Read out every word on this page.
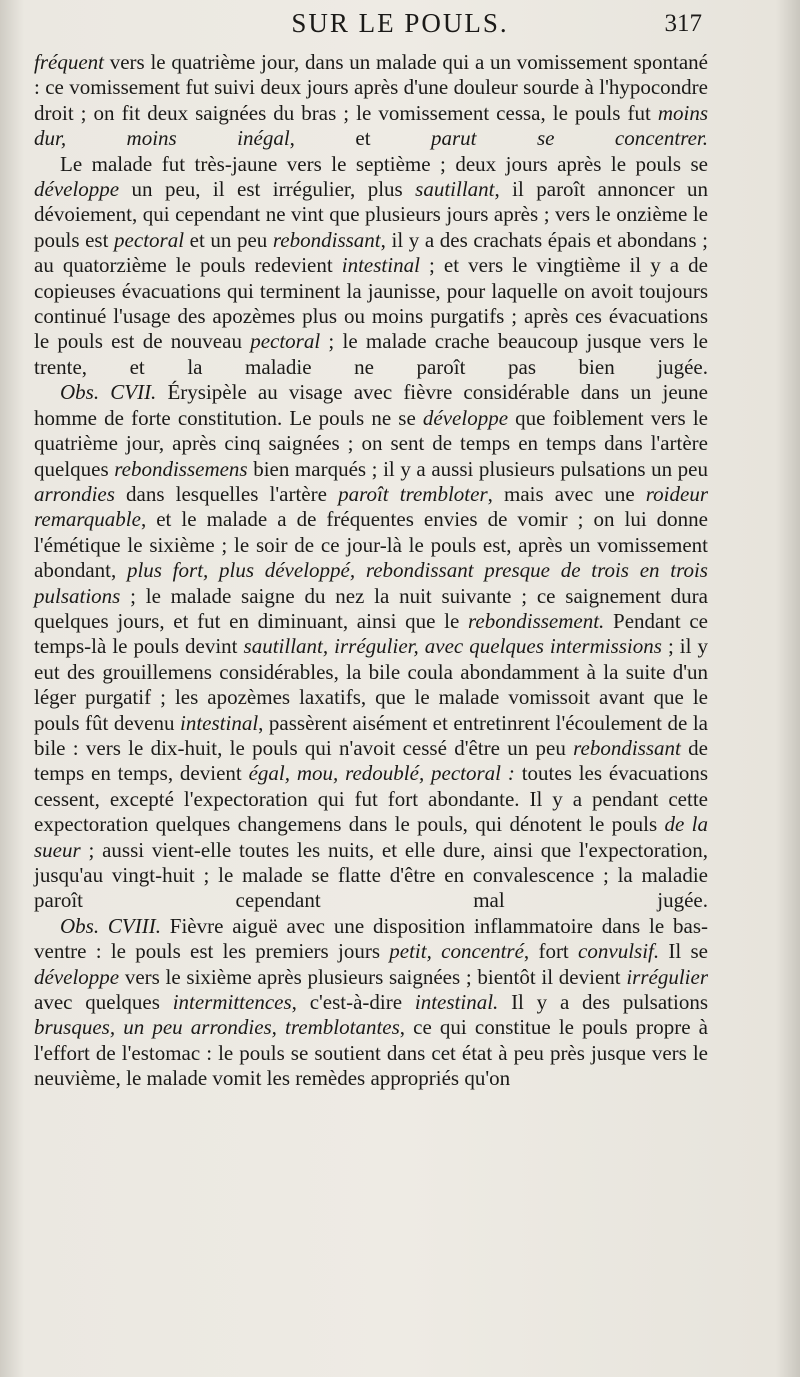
SUR LE POULS.	317

fréquent vers le quatrième jour, dans un malade qui a un vomissement spontané : ce vomissement fut suivi deux jours après d'une douleur sourde à l'hypocondre droit ; on fit deux saignées du bras ; le vomissement cessa, le pouls fut moins dur, moins inégal, et parut se concentrer.

Le malade fut très-jaune vers le septième ; deux jours après le pouls se développe un peu, il est irrégulier, plus sautillant, il paroît annoncer un dévoiement, qui cependant ne vint que plusieurs jours après ; vers le onzième le pouls est pectoral et un peu rebondissant, il y a des crachats épais et abondans ; au quatorzième le pouls redevient intestinal ; et vers le vingtième il y a de copieuses évacuations qui terminent la jaunisse, pour laquelle on avoit toujours continué l'usage des apozèmes plus ou moins purgatifs ; après ces évacuations le pouls est de nouveau pectoral ; le malade crache beaucoup jusque vers le trente, et la maladie ne paroît pas bien jugée.

Obs. CVII. Érysipèle au visage avec fièvre considérable dans un jeune homme de forte constitution. Le pouls ne se développe que foiblement vers le quatrième jour, après cinq saignées ; on sent de temps en temps dans l'artère quelques rebondissemens bien marqués ; il y a aussi plusieurs pulsations un peu arrondies dans lesquelles l'artère paroît trembloter, mais avec une roideur remarquable, et le malade a de fréquentes envies de vomir ; on lui donne l'émétique le sixième ; le soir de ce jour-là le pouls est, après un vomissement abondant, plus fort, plus développé, rebondissant presque de trois en trois pulsations ; le malade saigne du nez la nuit suivante ; ce saignement dura quelques jours, et fut en diminuant, ainsi que le rebondissement. Pendant ce temps-là le pouls devint sautillant, irrégulier, avec quelques intermissions ; il y eut des grouillemens considérables, la bile coula abondamment à la suite d'un léger purgatif ; les apozèmes laxatifs, que le malade vomissoit avant que le pouls fût devenu intestinal, passèrent aisément et entretinrent l'écoulement de la bile : vers le dix-huit, le pouls qui n'avoit cessé d'être un peu rebondissant de temps en temps, devient égal, mou, redoublé, pectoral : toutes les évacuations cessent, excepté l'expectoration qui fut fort abondante. Il y a pendant cette expectoration quelques changemens dans le pouls, qui dénotent le pouls de la sueur ; aussi vient-elle toutes les nuits, et elle dure, ainsi que l'expectoration, jusqu'au vingt-huit ; le malade se flatte d'être en convalescence ; la maladie paroît cependant mal jugée.

Obs. CVIII. Fièvre aiguë avec une disposition inflammatoire dans le bas-ventre : le pouls est les premiers jours petit, concentré, fort convulsif. Il se développe vers le sixième après plusieurs saignées ; bientôt il devient irrégulier avec quelques intermittences, c'est-à-dire intestinal. Il y a des pulsations brusques, un peu arrondies, tremblotantes, ce qui constitue le pouls propre à l'effort de l'estomac : le pouls se soutient dans cet état à peu près jusque vers le neuvième, le malade vomit les remèdes appropriés qu'on
